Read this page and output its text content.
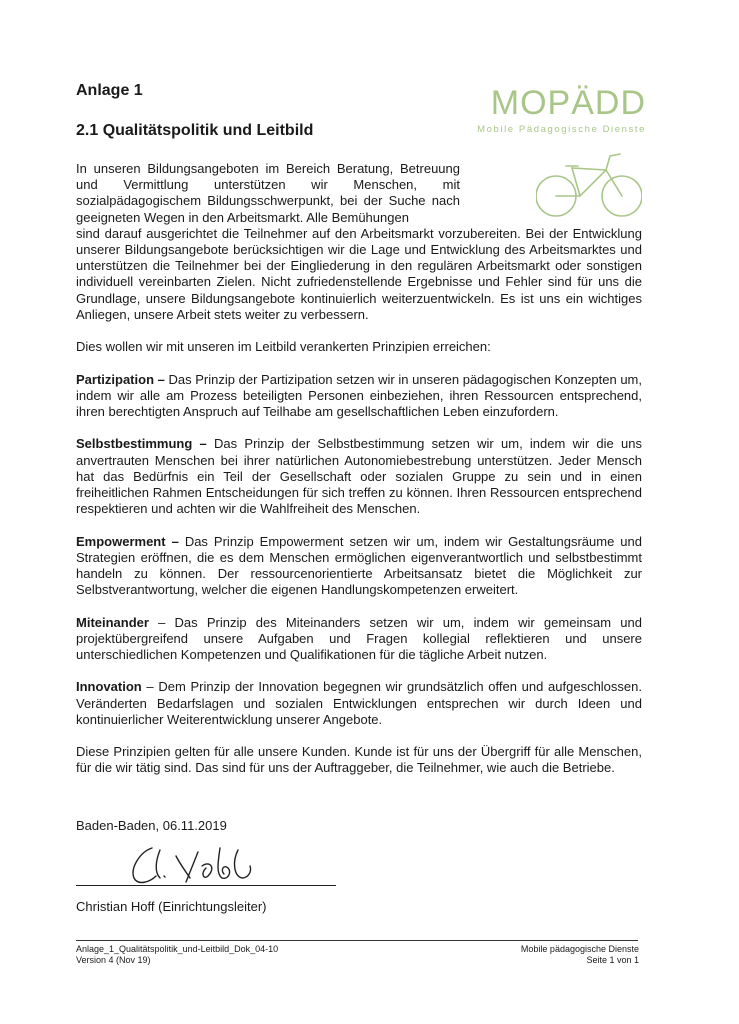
Anlage 1
2.1 Qualitätspolitik und Leitbild
MOPÄDD
Mobile Pädagogische Dienste

In unseren Bildungsangeboten im Bereich Beratung, Betreuung und Vermittlung unterstützen wir Menschen, mit sozialpädagogischem Bildungsschwerpunkt, bei der Suche nach geeigneten Wegen in den Arbeitsmarkt. Alle Bemühungen
sind darauf ausgerichtet die Teilnehmer auf den Arbeitsmarkt vorzubereiten. Bei der Entwicklung unserer Bildungsangebote berücksichtigen wir die Lage und Entwicklung des Arbeitsmarktes und unterstützen die Teilnehmer bei der Eingliederung in den regulären Arbeitsmarkt oder sonstigen individuell vereinbarten Zielen. Nicht zufriedenstellende Ergebnisse und Fehler sind für uns die Grundlage, unsere Bildungsangebote kontinuierlich weiterzuentwickeln. Es ist uns ein wichtiges Anliegen, unsere Arbeit stets weiter zu verbessern.

Dies wollen wir mit unseren im Leitbild verankerten Prinzipien erreichen:

Partizipation – Das Prinzip der Partizipation setzen wir in unseren pädagogischen Konzepten um, indem wir alle am Prozess beteiligten Personen einbeziehen, ihren Ressourcen entsprechend, ihren berechtigten Anspruch auf Teilhabe am gesellschaftlichen Leben einzufordern.

Selbstbestimmung – Das Prinzip der Selbstbestimmung setzen wir um, indem wir die uns anvertrauten Menschen bei ihrer natürlichen Autonomiebestrebung unterstützen. Jeder Mensch hat das Bedürfnis ein Teil der Gesellschaft oder sozialen Gruppe zu sein und in einen freiheitlichen Rahmen Entscheidungen für sich treffen zu können. Ihren Ressourcen entsprechend respektieren und achten wir die Wahlfreiheit des Menschen.

Empowerment – Das Prinzip Empowerment setzen wir um, indem wir Gestaltungsräume und Strategien eröffnen, die es dem Menschen ermöglichen eigenverantwortlich und selbstbestimmt handeln zu können. Der ressourcenorientierte Arbeitsansatz bietet die Möglichkeit zur Selbstverantwortung, welcher die eigenen Handlungskompetenzen erweitert.

Miteinander – Das Prinzip des Miteinanders setzen wir um, indem wir gemeinsam und projektübergreifend unsere Aufgaben und Fragen kollegial reflektieren und unsere unterschiedlichen Kompetenzen und Qualifikationen für die tägliche Arbeit nutzen.

Innovation – Dem Prinzip der Innovation begegnen wir grundsätzlich offen und aufgeschlossen. Veränderten Bedarfslagen und sozialen Entwicklungen entsprechen wir durch Ideen und kontinuierlicher Weiterentwicklung unserer Angebote.

Diese Prinzipien gelten für alle unsere Kunden. Kunde ist für uns der Übergriff für alle Menschen, für die wir tätig sind. Das sind für uns der Auftraggeber, die Teilnehmer, wie auch die Betriebe.

Baden-Baden, 06.11.2019

Christian Hoff (Einrichtungsleiter)

Anlage_1_Qualitätspolitik_und-Leitbild_Dok_04-10
Version 4 (Nov 19)
Mobile pädagogische Dienste
Seite 1 von 1
